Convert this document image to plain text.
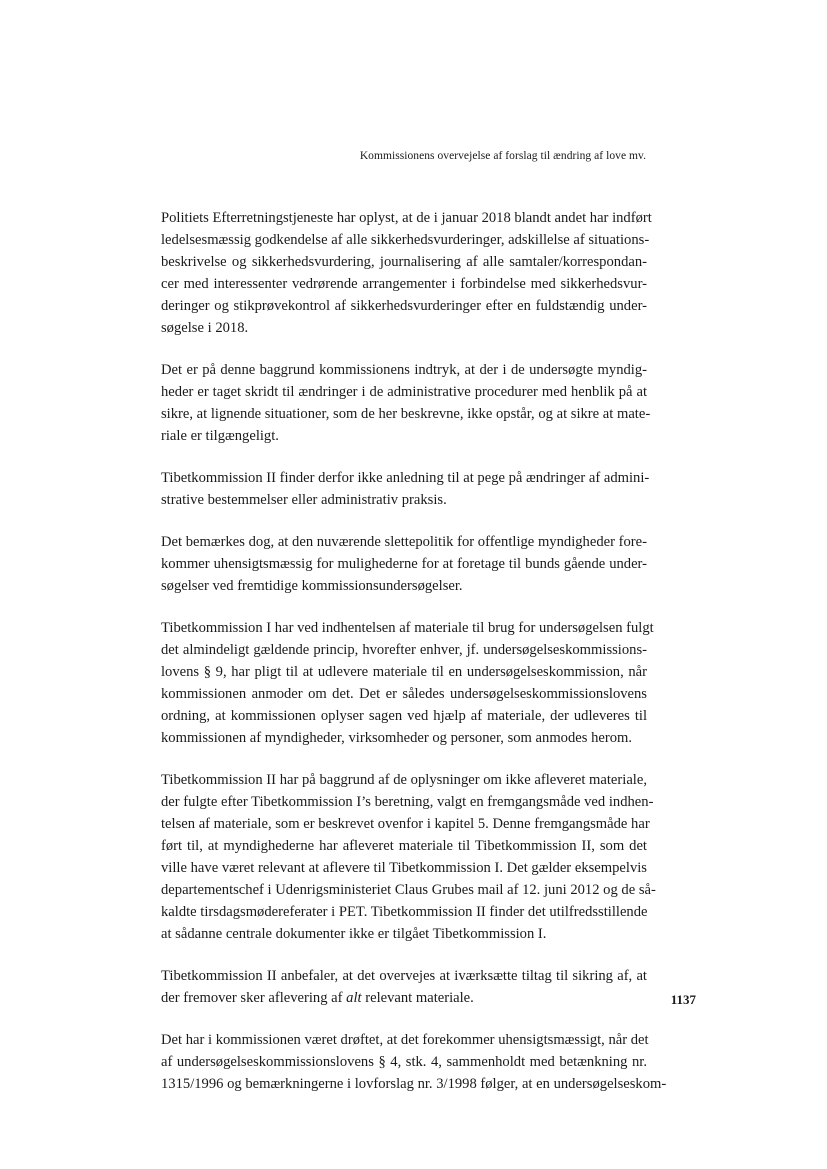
Kommissionens overvejelse af forslag til ændring af love mv.
Politiets Efterretningstjeneste har oplyst, at de i januar 2018 blandt andet har indført
ledelsesmæssig godkendelse af alle sikkerhedsvurderinger, adskillelse af situations-
beskrivelse og sikkerhedsvurdering, journalisering af alle samtaler/korrespondan-
cer med interessenter vedrørende arrangementer i forbindelse med sikkerhedsvur-
deringer og stikprøvekontrol af sikkerhedsvurderinger efter en fuldstændig under-
søgelse i 2018.
Det er på denne baggrund kommissionens indtryk, at der i de undersøgte myndig-
heder er taget skridt til ændringer i de administrative procedurer med henblik på at
sikre, at lignende situationer, som de her beskrevne, ikke opstår, og at sikre at mate-
riale er tilgængeligt.
Tibetkommission II finder derfor ikke anledning til at pege på ændringer af admini-
strative bestemmelser eller administrativ praksis.
Det bemærkes dog, at den nuværende slettepolitik for offentlige myndigheder fore-
kommer uhensigtsmæssig for mulighederne for at foretage til bunds gående under-
søgelser ved fremtidige kommissionsundersøgelser.
Tibetkommission I har ved indhentelsen af materiale til brug for undersøgelsen fulgt
det almindeligt gældende princip, hvorefter enhver, jf. undersøgelseskommissions-
lovens § 9, har pligt til at udlevere materiale til en undersøgelseskommission, når
kommissionen anmoder om det. Det er således undersøgelseskommissionslovens
ordning, at kommissionen oplyser sagen ved hjælp af materiale, der udleveres til
kommissionen af myndigheder, virksomheder og personer, som anmodes herom.
Tibetkommission II har på baggrund af de oplysninger om ikke afleveret materiale,
der fulgte efter Tibetkommission I’s beretning, valgt en fremgangsmåde ved indhen-
telsen af materiale, som er beskrevet ovenfor i kapitel 5. Denne fremgangsmåde har
ført til, at myndighederne har afleveret materiale til Tibetkommission II, som det
ville have været relevant at aflevere til Tibetkommission I. Det gælder eksempelvis
departementschef i Udenrigsministeriet Claus Grubes mail af 12. juni 2012 og de så-
kaldte tirsdagsmødereferater i PET. Tibetkommission II finder det utilfredsstillende
at sådanne centrale dokumenter ikke er tilgået Tibetkommission I.
Tibetkommission II anbefaler, at det overvejes at iværksætte tiltag til sikring af, at
der fremover sker aflevering af alt relevant materiale.
Det har i kommissionen været drøftet, at det forekommer uhensigtsmæssigt, når det
af undersøgelseskommissionslovens § 4, stk. 4, sammenholdt med betænkning nr.
1315/1996 og bemærkningerne i lovforslag nr. 3/1998 følger, at en undersøgelseskom-
1137
